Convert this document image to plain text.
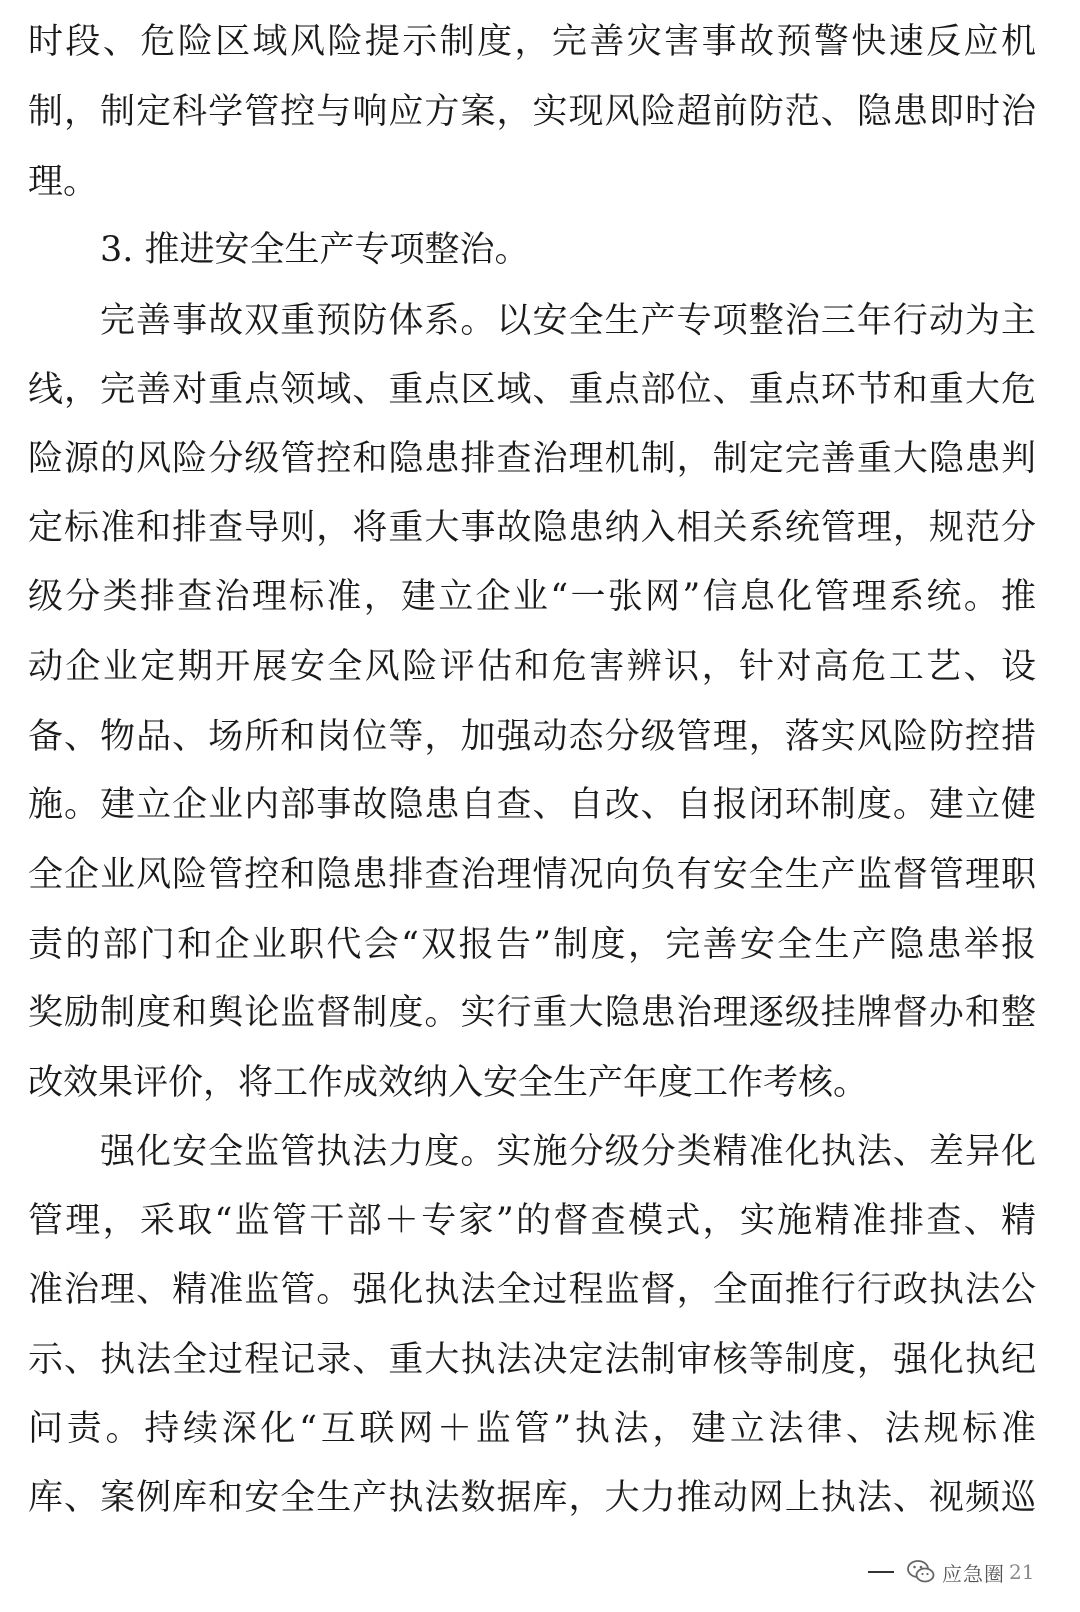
时段、危险区域风险提示制度，完善灾害事故预警快速反应机
制，制定科学管控与响应方案，实现风险超前防范、隐患即时治
理。
3. 推进安全生产专项整治。
完善事故双重预防体系。以安全生产专项整治三年行动为主
线，完善对重点领域、重点区域、重点部位、重点环节和重大危
险源的风险分级管控和隐患排查治理机制，制定完善重大隐患判
定标准和排查导则，将重大事故隐患纳入相关系统管理，规范分
级分类排查治理标准，建立企业“一张网”信息化管理系统。推
动企业定期开展安全风险评估和危害辨识，针对高危工艺、设
备、物品、场所和岗位等，加强动态分级管理，落实风险防控措
施。建立企业内部事故隐患自查、自改、自报闭环制度。建立健
全企业风险管控和隐患排查治理情况向负有安全生产监督管理职
责的部门和企业职代会“双报告”制度，完善安全生产隐患举报
奖励制度和舆论监督制度。实行重大隐患治理逐级挂牌督办和整
改效果评价，将工作成效纳入安全生产年度工作考核。
强化安全监管执法力度。实施分级分类精准化执法、差异化
管理，采取“监管干部＋专家”的督查模式，实施精准排查、精
准治理、精准监管。强化执法全过程监督，全面推行行政执法公
示、执法全过程记录、重大执法决定法制审核等制度，强化执纪
问责。持续深化“互联网＋监管”执法，建立法律、法规标准
库、案例库和安全生产执法数据库，大力推动网上执法、视频巡
应急圈 21
